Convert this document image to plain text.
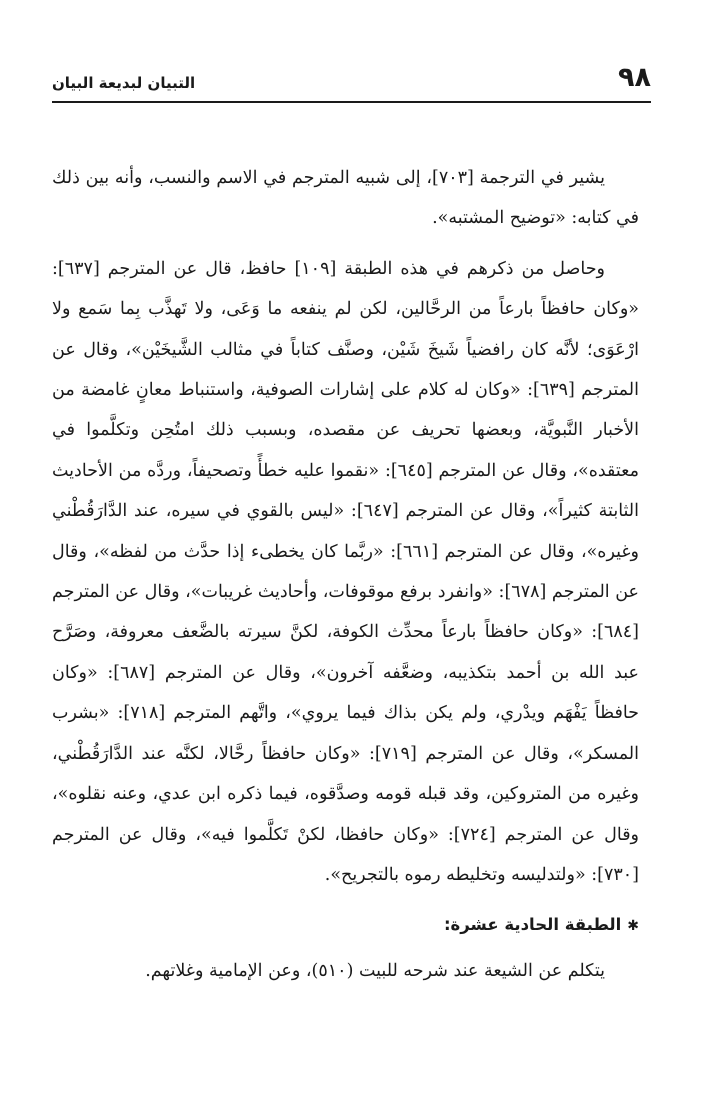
٩٨
التبيان لبديعة البيان

يشير في الترجمة [٧٠٣]، إلى شبيه المترجم في الاسم والنسب، وأنه بين ذلك في كتابه: «توضيح المشتبه».

وحاصل من ذكرهم في هذه الطبقة [١٠٩] حافظ، قال عن المترجم [٦٣٧]: «وكان حافظاً بارعاً من الرحَّالين، لكن لم ينفعه ما وَعَى، ولا تَهذَّب بِما سَمع ولا ارْعَوَى؛ لأنَّه كان رافضياً شَيخَ شَيْن، وصنَّف كتاباً في مثالب الشَّيخَيْن»، وقال عن المترجم [٦٣٩]: «وكان له كلام على إشارات الصوفية، واستنباط معانٍ غامضة من الأخبار النَّبويَّة، وبعضها تحريف عن مقصده، وبسبب ذلك امتُحِن وتكلَّموا في معتقده»، وقال عن المترجم [٦٤٥]: «نقموا عليه خطأً وتصحيفاً، وردَّه من الأحاديث الثابتة كثيراً»، وقال عن المترجم [٦٤٧]: «ليس بالقوي في سيره، عند الدَّارَقُطْني وغيره»، وقال عن المترجم [٦٦١]: «ربَّما كان يخطىء إذا حدَّث من لفظه»، وقال عن المترجم [٦٧٨]: «وانفرد برفع موقوفات، وأحاديث غريبات»، وقال عن المترجم [٦٨٤]: «وكان حافظاً بارعاً محدِّث الكوفة، لكنَّ سيرته بالضَّعف معروفة، وصَرَّح عبد الله بن أحمد بتكذيبه، وضعَّفه آخرون»، وقال عن المترجم [٦٨٧]: «وكان حافظاً يَفْهَم ويدْري، ولم يكن بذاك فيما يروي»، واتَّهم المترجم [٧١٨]: «بشرب المسكر»، وقال عن المترجم [٧١٩]: «وكان حافظاً رحَّالا، لكنَّه عند الدَّارَقُطْني، وغيره من المتروكين، وقد قبله قومه وصدَّقوه، فيما ذكره ابن عدي، وعنه نقلوه»، وقال عن المترجم [٧٢٤]: «وكان حافظا، لكنْ تَكلَّموا فيه»، وقال عن المترجم [٧٣٠]: «ولتدليسه وتخليطه رموه بالتجريح».

✱الطبقة الحادية عشرة:

يتكلم عن الشيعة عند شرحه للبيت (٥١٠)، وعن الإمامية وغلاتهم.
